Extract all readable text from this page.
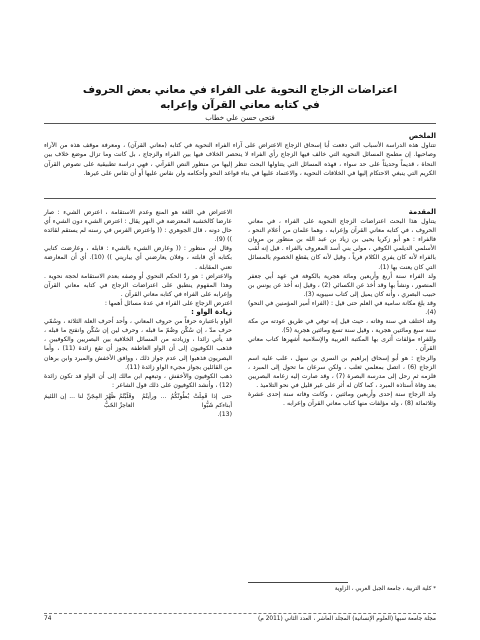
اعتراضات الزجاج النحوية على الفراء في معاني بعض الحروف
في كتابه معاني القرآن وإعرابه
فتحي حسن علي خطاب
الملخص
تتناول هذه الدراسة الأسباب التي دفعت أبا إسحاق الزجاج الاعتراض على آراء الفراء النحوية في كتابه (معاني القرآن) ، ومعرفة موقف هذه من الآراء وصاحبها. إن مطمح المسائل النحوية التي خالف فيها الزجاج رأي الفراء لا ينحصر الخلاف فيها بين الفراء والزجاج ، بل كانت وما تزال موضع خلاف بين النحاة ، قديماً وحديثاً على حد سواء ، فهذه المسائل التي يتناولها البحث تنظر إليها من منظور النص القرآني ، فهي دراسة تطبيقية على نصوص القرآن الكريم التي ينبغي الاحتكام إليها في الخلافات النحوية ، والاعتماد عليها في بناء قواعد النحو وأحكامه ولن نقاس عليها أو أن تقاس على غيرها.

المقدمة

يتناول هذا البحث اعتراضات الزجاج النحوية على الفراء ، في معاني الحروف ، في كتابه معاني القرآن وإعرابه ، وهما علمان من أعلام النحو ، فالفراء : هو أبو زكريا يحيى بن زياد بن عبد الله بن منظور بن مروان الأسلمي الديلمي الكوفي ، مولى بني أسد المعروف بالفراء . قيل إنه لُقب بالفراء لأنه كان يفري الكلام فرياً ، وقيل لأنه كان يقطع الخصوم بالمسائل التي كان يعنت بها (1).

ولد الفراء سنة أربع وأربعين ومائة هجرية بالكوفة في عهد أبي جعفر المنصور ، ونشأ بها وقد أخذ عن الكسائي (2) ، وقيل إنه أخذ عن يونس بن حبيب البصري ، وأنه كان يميل إلى كتاب سيبويه (3).

وقد بلغ مكانة سامية في العلم حتى قيل : (الفراء أمير المؤمنين في النحو) (4).

وقد اختلف في سنة وفاته ، حيث قيل إنه توفي في طريق عودته من مكة سنة سبع ومائتين هجرية ، وقيل سنة تسع ومائتين هجرية (5).

وللفراء مؤلفات أثرى بها المكتبة العربية والإسلامية أشهرها كتاب معاني القرآن .

والزجاج : هو أبو إسحاق إبراهيم بن السري بن سهل ، غلب عليه اسم الزجاج (6) ، اتصل بمعلمي ثعلب ، ولكن سرعان ما تحول إلى المبرد ، فلزمه ثم رحل إلى مدرسة البصرة (7) ، وقد صارت إليه زعامة البصريين بعد وفاة أستاذه المبرد ، كما كان له أثر على غير قليل في نحو التلاميذ .

ولد الزجاج سنة إحدى وأربعين ومائتين ، وكانت وفاته سنة إحدى عشرة وثلاثمائة (8) ، وله مؤلفات منها كتاب معاني القرآن وإعرابه .

الاعتراض في اللغة هو المنع وعدم الاستقامة ، اعترض الشيء : صار عارضا كالخشبة المعترضة في النهر يقال : اعترض الشيء دون الشيء أي حال دونه ، قال الجوهري : (( واعترض الفرس في رسنه لم يستقم لقائده )) (9).

وقال ابن منظور : (( وعارض الشيء بالشيء : قابله ، وعارضت كتابي بكتابه أي قابلته ، وفلان يعارضني أي يباريني )) (10). أي أن المعارضة تعني المقابلة .

والاعتراض : هو ردّ الحكم النحوي أو وصفه بعدم الاستقامة لحجة نحوية . وهذا المفهوم ينطبق على اعتراضات الزجاج في كتابه معاني القرآن وإعرابه على الفراء في كتابه معاني القرآن .

اعترض الزجاج على الفراء في عدة مسائل أهمها :

زيادة الواو :

الواو باعتباره حرفاً من حروف المعاني ، وأحد أحرف العلة الثلاثة ، وسُمّي حرف مدّ ، إن سُكّن وضُمّ ما قبله ، وحرف لين إن سُكّن وانفتح ما قبله ، قد يأتي زائدا ، وزيادته من المسائل الخلافية بين البصريين والكوفيين ، فذهب الكوفيون إلى أن الواو العاطفة يجوز أن تقع زائدة (11) ، وأما البصريون فذهبوا إلى عدم جواز ذلك ، ووافق الأخفش والمبرد وابن برهان من القائلين بجواز مجيء الواو زائدة (11).

ذهب الكوفيون والأخفش ، وتبعهم ابن مالك إلى أن الواو قد تكون زائدة (12) ، وأنشد الكوفيون على ذلك قول الشاعر :

حتى إذا قَمِلَتْ بُطُونُكُمُ ... ورأيتُمُ أبناءكم شَبُّوا
وقَلَبْتُمُ ظَهْرَ المِجَنِّ لنا ... إن اللئيمَ العاجزُ الخَبُّ

(13).

* كلية التربية ، جامعة الجبل الغربي ، الزاوية
مجلة جامعة سبها (العلوم الإنسانية) المجلد العاشر ، العدد الثاني (2011 م)
74
